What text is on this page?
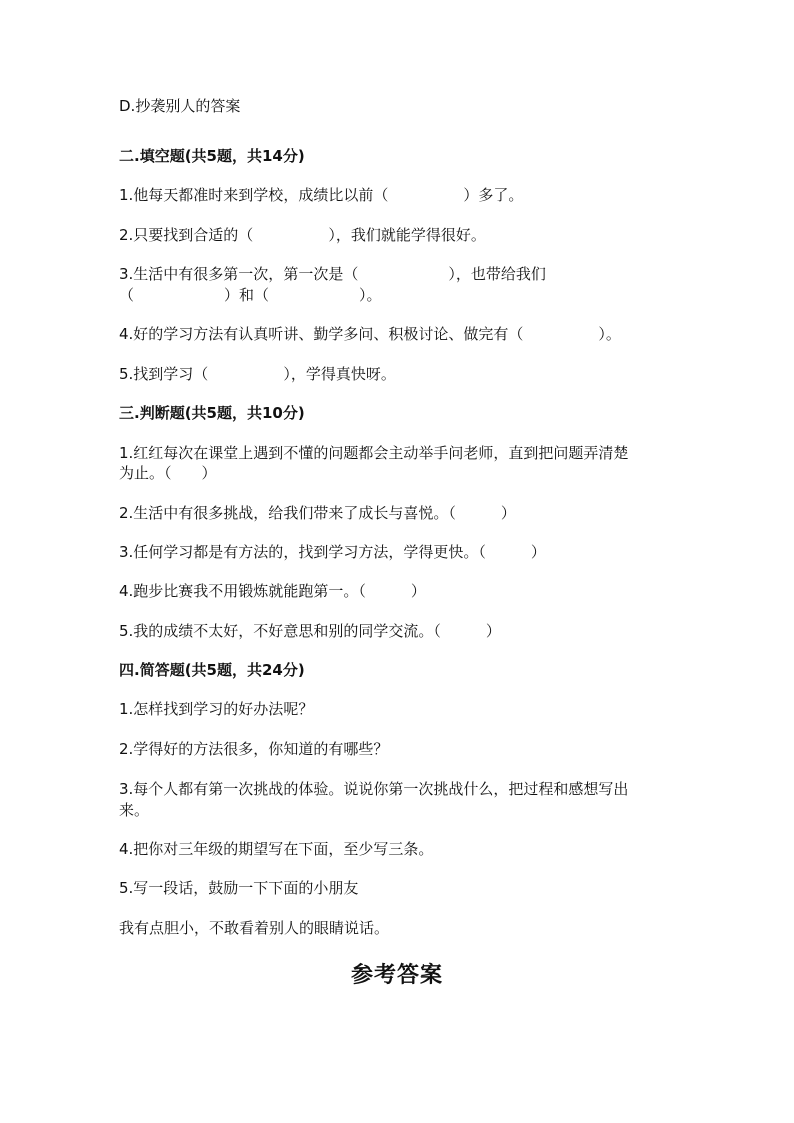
D.抄袭别人的答案
二.填空题(共5题，共14分)
1.他每天都准时来到学校，成绩比以前（　　　　　）多了。
2.只要找到合适的（　　　　　），我们就能学得很好。
3.生活中有很多第一次，第一次是（　　　　　　），也带给我们
（　　　　　　）和（　　　　　　）。
4.好的学习方法有认真听讲、勤学多问、积极讨论、做完有（　　　　　）。
5.找到学习（　　　　　），学得真快呀。
三.判断题(共5题，共10分)
1.红红每次在课堂上遇到不懂的问题都会主动举手问老师，直到把问题弄清楚
为止。（　　）
2.生活中有很多挑战，给我们带来了成长与喜悦。（　　　）
3.任何学习都是有方法的，找到学习方法，学得更快。（　　　）
4.跑步比赛我不用锻炼就能跑第一。（　　　）
5.我的成绩不太好，不好意思和别的同学交流。（　　　）
四.简答题(共5题，共24分)
1.怎样找到学习的好办法呢？
2.学得好的方法很多，你知道的有哪些？
3.每个人都有第一次挑战的体验。说说你第一次挑战什么，把过程和感想写出
来。
4.把你对三年级的期望写在下面，至少写三条。
5.写一段话，鼓励一下下面的小朋友
我有点胆小，不敢看着别人的眼睛说话。
参考答案
